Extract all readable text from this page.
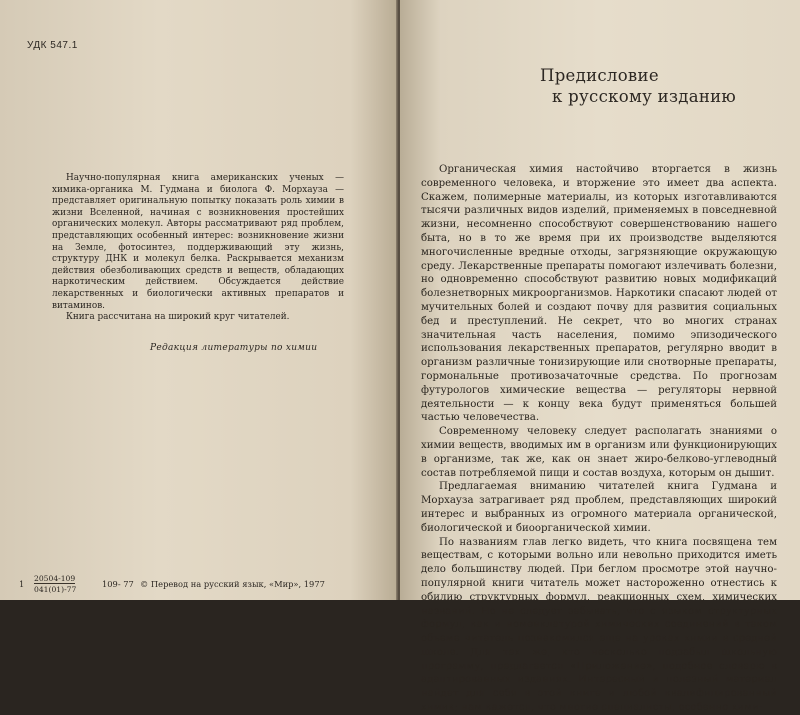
УДК 547.1

Научно-популярная книга американских ученых — химика-органика М. Гудмана и биолога Ф. Морхауза — представляет оригинальную попытку показать роль химии в жизни Вселенной, начиная с возникновения простейших органических молекул. Авторы рассматривают ряд проблем, представляющих особенный интерес: возникновение жизни на Земле, фотосинтез, поддерживающий эту жизнь, структуру ДНК и молекул белка. Раскрывается механизм действия обезболивающих средств и веществ, обладающих наркотическим действием. Обсуждается действие лекарственных и биологически активных препаратов и витаминов.

Книга рассчитана на широкий круг читателей.

Редакция литературы по химии
1
20504-109
041(01)-77
109- 77 © Перевод на русский язык, «Мир», 1977
Предисловие
к русскому изданию

Органическая химия настойчиво вторгается в жизнь современного человека, и вторжение это имеет два аспекта. Скажем, полимерные материалы, из которых изготавливаются тысячи различных видов изделий, применяемых в повседневной жизни, несомненно способствуют совершенствованию нашего быта, но в то же время при их производстве выделяются многочисленные вредные отходы, загрязняющие окружающую среду. Лекарственные препараты помогают излечивать болезни, но одновременно способствуют развитию новых модификаций болезнетворных микроорганизмов. Наркотики спасают людей от мучительных болей и создают почву для развития социальных бед и преступлений. Не секрет, что во многих странах значительная часть населения, помимо эпизодического использования лекарственных препаратов, регулярно вводит в организм различные тонизирующие или снотворные препараты, гормональные противозачаточные средства. По прогнозам футурологов химические вещества — регуляторы нервной деятельности — к концу века будут применяться большей частью человечества.

Современному человеку следует располагать знаниями о химии веществ, вводимых им в организм или функционирующих в организме, так же, как он знает жиро-белково-углеводный состав потребляемой пищи и состав воздуха, которым он дышит.

Предлагаемая вниманию читателей книга Гудмана и Морхауза затрагивает ряд проблем, представляющих широкий интерес и выбранных из огромного материала органической, биологической и биоорганической химии.

По названиям глав легко видеть, что книга посвящена тем веществам, с которыми вольно или невольно приходится иметь дело большинству людей. При беглом просмотре этой научно-популярной книги читатель может настороженно отнестись к обилию структурных формул, реакционных схем, химических названий. Но не следует забывать, что с языком структурных формул, как и номенклатурой химических соединений в таком объеме читатель познакомился еще на уроках химии в средней школе. Для тех же, кто несколько подзабыл школьную программу, предлагается «Приложение», подобное словарю в адаптированных изданиях. Интересный и полезный материал найдет для себя в этой книге и любой квалифицированный химик; нам кажется, что многие специалисты, особенно хими-
